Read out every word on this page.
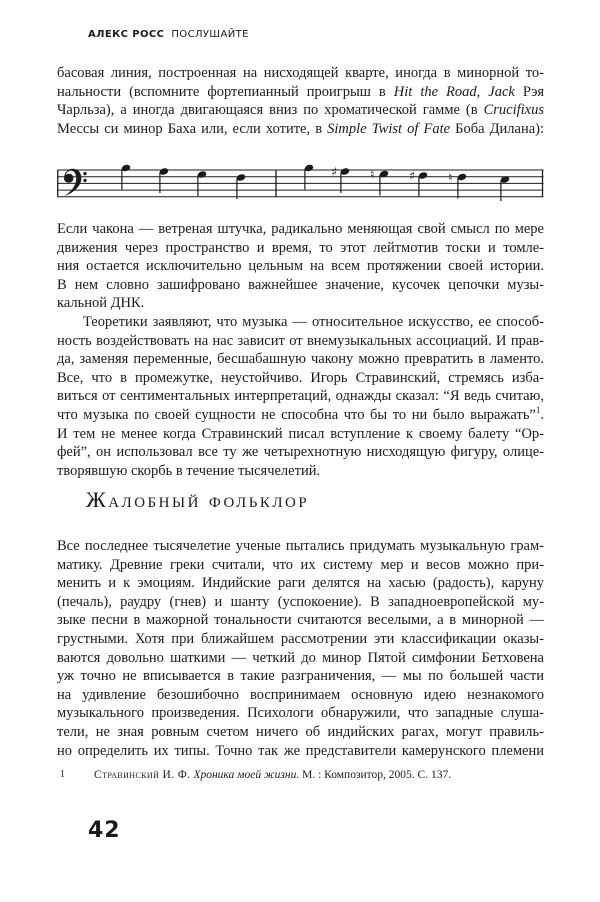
АЛЕКС РОСС ПОСЛУШАЙТЕ
басовая линия, построенная на нисходящей кварте, иногда в минорной то-
нальности (вспомните фортепианный проигрыш в Hit the Road, Jack Рэя
Чарльза), а иногда двигающаяся вниз по хроматической гамме (в Crucifixus
Мессы си минор Баха или, если хотите, в Simple Twist of Fate Боба Дилана):
♯	♮	♯	♮
Если чакона — ветреная штучка, радикально меняющая свой смысл по мере
движения через пространство и время, то этот лейтмотив тоски и томле-
ния остается исключительно цельным на всем протяжении своей истории.
В нем словно зашифровано важнейшее значение, кусочек цепочки музы-
кальной ДНК.
Теоретики заявляют, что музыка — относительное искусство, ее способ-
ность воздействовать на нас зависит от внемузыкальных ассоциаций. И прав-
да, заменяя переменные, бесшабашную чакону можно превратить в ламенто.
Все, что в промежутке, неустойчиво. Игорь Стравинский, стремясь изба-
виться от сентиментальных интерпретаций, однажды сказал: “Я ведь считаю,
что музыка по своей сущности не способна что бы то ни было выражать”$^1$.
И тем не менее когда Стравинский писал вступление к своему балету “Ор-
фей”, он использовал все ту же четырехнотную нисходящую фигуру, олице-
творявшую скорбь в течение тысячелетий.
Жалобный фольклор
Все последнее тысячелетие ученые пытались придумать музыкальную грам-
матику. Древние греки считали, что их систему мер и весов можно при-
менить и к эмоциям. Индийские раги делятся на хасью (радость), каруну
(печаль), раудру (гнев) и шанту (успокоение). В западноевропейской му-
зыке песни в мажорной тональности считаются веселыми, а в минорной —
грустными. Хотя при ближайшем рассмотрении эти классификации оказы-
ваются довольно шаткими — четкий до минор Пятой симфонии Бетховена
уж точно не вписывается в такие разграничения, — мы по большей части
на удивление безошибочно воспринимаем основную идею незнакомого
музыкального произведения. Психологи обнаружили, что западные слуша-
тели, не зная ровным счетом ничего об индийских рагах, могут правиль-
но определить их типы. Точно так же представители камерунского племени
1	Стравинский И. Ф. Хроника моей жизни. М. : Композитор, 2005. С. 137.
42
